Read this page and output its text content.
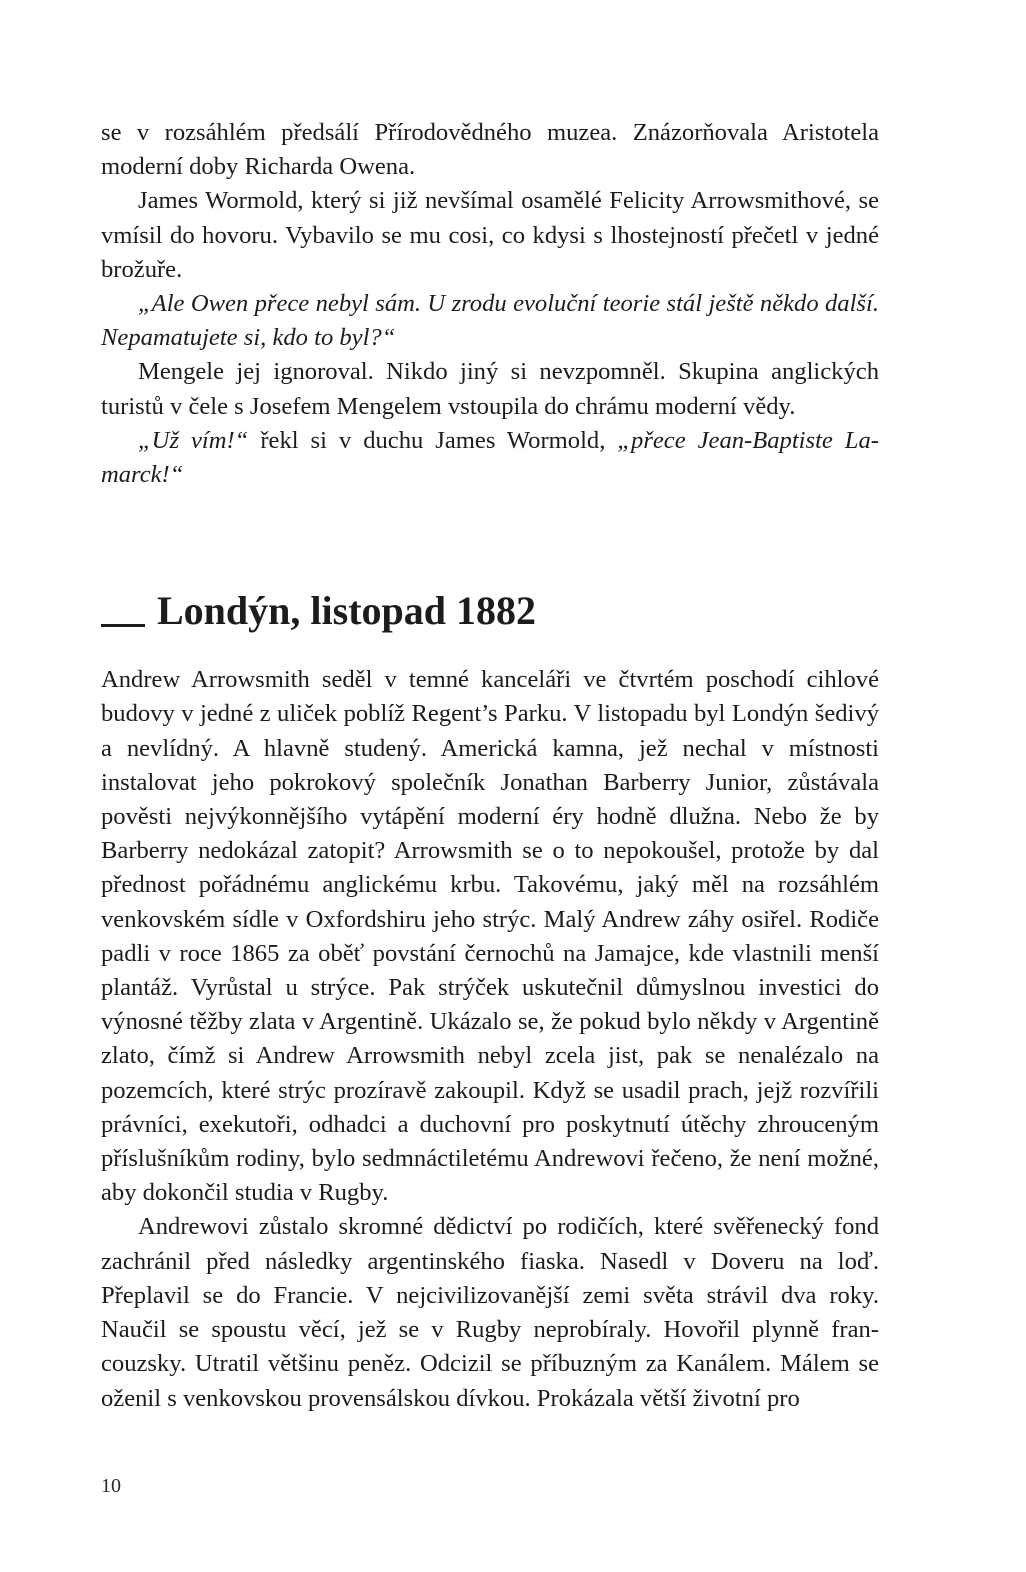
se v rozsáhlém předsálí Přírodovědného muzea. Znázorňovala Aristotela moderní doby Richarda Owena.

James Wormold, který si již nevšímal osamělé Felicity Arrowsmithové, se vmísil do hovoru. Vybavilo se mu cosi, co kdysi s lhostejností přečetl v jedné brožuře.

„Ale Owen přece nebyl sám. U zrodu evoluční teorie stál ještě někdo další. Nepamatujete si, kdo to byl?“

Mengele jej ignoroval. Nikdo jiný si nevzpomněl. Skupina anglických turistů v čele s Josefem Mengelem vstoupila do chrámu moderní vědy.

„Už vím!“ řekl si v duchu James Wormold, „přece Jean-Baptiste Lamarck!“

Londýn, listopad 1882

Andrew Arrowsmith seděl v temné kanceláři ve čtvrtém poschodí cihlové budovy v jedné z uliček poblíž Regent’s Parku. V listopadu byl Londýn šedivý a nevlídný. A hlavně studený. Americká kamna, jež nechal v místnosti instalovat jeho pokrokový společník Jonathan Barberry Junior, zůstávala pověsti nejvýkonnějšího vytápění moderní éry hodně dlužna. Nebo že by Barberry nedokázal zatopit? Arrowsmith se o to nepokoušel, protože by dal přednost pořádnému anglickému krbu. Takovému, jaký měl na rozsáhlém venkovském sídle v Oxfordshiru jeho strýc. Malý Andrew záhy osiřel. Rodiče padli v roce 1865 za oběť povstání černochů na Jamajce, kde vlastnili menší plantáž. Vyrůstal u strýce. Pak strýček uskutečnil důmyslnou investici do výnosné těžby zlata v Argentině. Ukázalo se, že pokud bylo někdy v Argentině zlato, čímž si Andrew Arrowsmith nebyl zcela jist, pak se nenalézalo na pozemcích, které strýc prozíravě zakoupil. Když se usadil prach, jejž rozvířili právníci, exekutoři, odhadci a duchovní pro poskytnutí útěchy zhrouceným příslušníkům rodiny, bylo sedmnáctiletému Andrewovi řečeno, že není možné, aby dokončil studia v Rugby.

Andrewovi zůstalo skromné dědictví po rodičích, které svěřenecký fond zachránil před následky argentinského fiaska. Nasedl v Doveru na loď. Přeplavil se do Francie. V nejcivilizovanější zemi světa strávil dva roky. Naučil se spoustu věcí, jež se v Rugby neprobíraly. Hovořil plynně francouzsky. Utratil většinu peněz. Odcizil se příbuzným za Kanálem. Málem se oženil s venkovskou provensálskou dívkou. Prokázala větší životní pro

10
